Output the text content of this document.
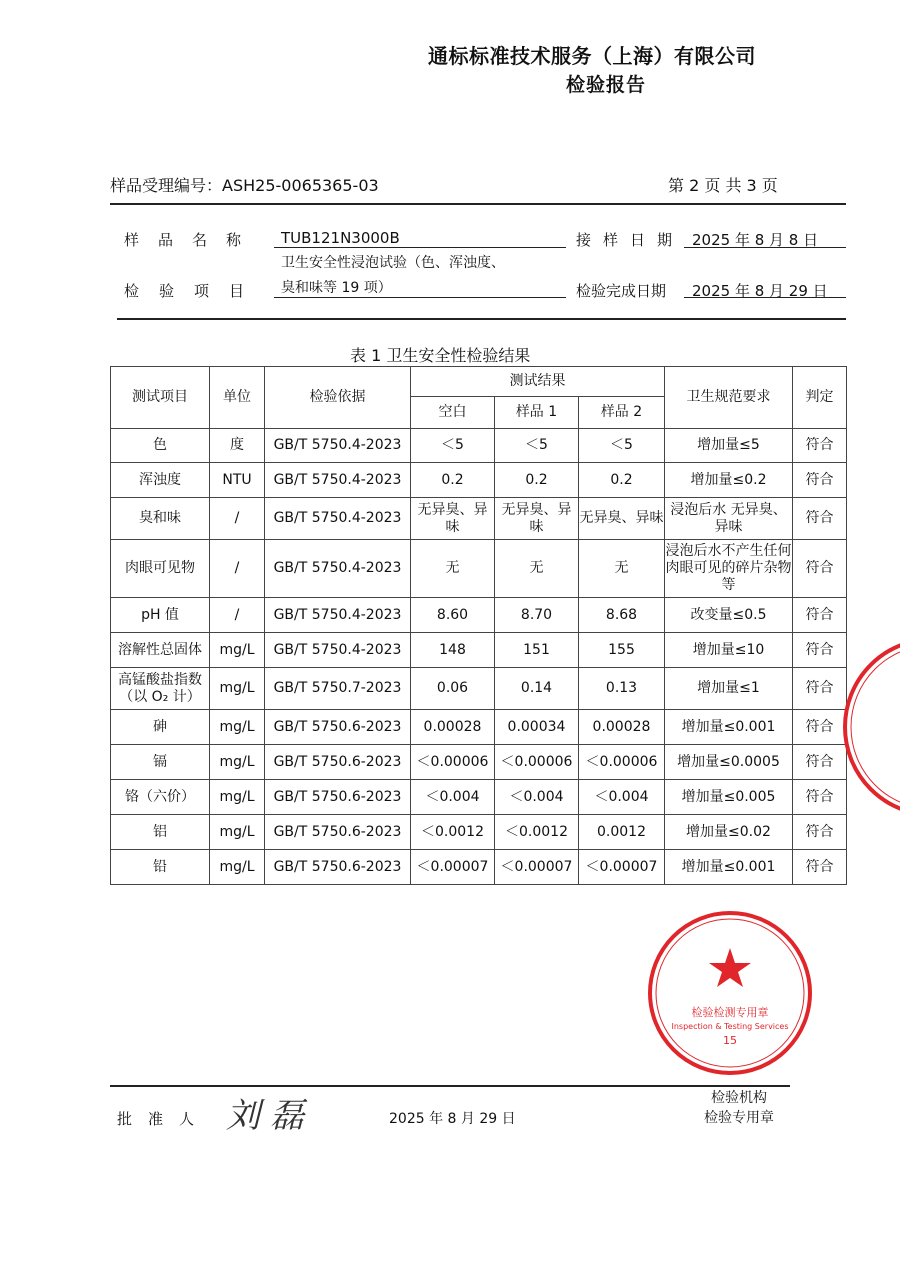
通标标准技术服务（上海）有限公司
检验报告
样品受理编号：ASH25-0065365-03	第 2 页 共 3 页
样品名称 TUB121N3000B	接样日期 2025 年 8 月 8 日
检验项目
卫生安全性浸泡试验（色、浑浊度、
臭和味等 19 项）	检验完成日期 2025 年 8 月 29 日
表 1 卫生安全性检验结果
测试项目	单位	检验依据	测试结果			卫生规范要求	判定
			空白	样品 1	样品 2		
色	度	GB/T 5750.4-2023	＜5	＜5	＜5	增加量≤5	符合
浑浊度	NTU	GB/T 5750.4-2023	0.2	0.2	0.2	增加量≤0.2	符合
臭和味	/	GB/T 5750.4-2023	无异臭、异味	无异臭、异味	无异臭、异味	浸泡后水 无异臭、异味	符合
肉眼可见物	/	GB/T 5750.4-2023	无	无	无	浸泡后水不产生任何肉眼可见的碎片杂物等	符合
pH 值	/	GB/T 5750.4-2023	8.60	8.70	8.68	改变量≤0.5	符合
溶解性总固体	mg/L	GB/T 5750.4-2023	148	151	155	增加量≤10	符合
高锰酸盐指数（以 O₂ 计）	mg/L	GB/T 5750.7-2023	0.06	0.14	0.13	增加量≤1	符合
砷	mg/L	GB/T 5750.6-2023	0.00028	0.00034	0.00028	增加量≤0.001	符合
镉	mg/L	GB/T 5750.6-2023	＜0.00006	＜0.00006	＜0.00006	增加量≤0.0005	符合
铬（六价）	mg/L	GB/T 5750.6-2023	＜0.004	＜0.004	＜0.004	增加量≤0.005	符合
铝	mg/L	GB/T 5750.6-2023	＜0.0012	＜0.0012	0.0012	增加量≤0.02	符合
铅	mg/L	GB/T 5750.6-2023	＜0.00007	＜0.00007	＜0.00007	增加量≤0.001	符合
检验检测专用章
Inspection & Testing Services
15
批准人 刘磊	2025 年 8 月 29 日
检验机构
检验专用章
